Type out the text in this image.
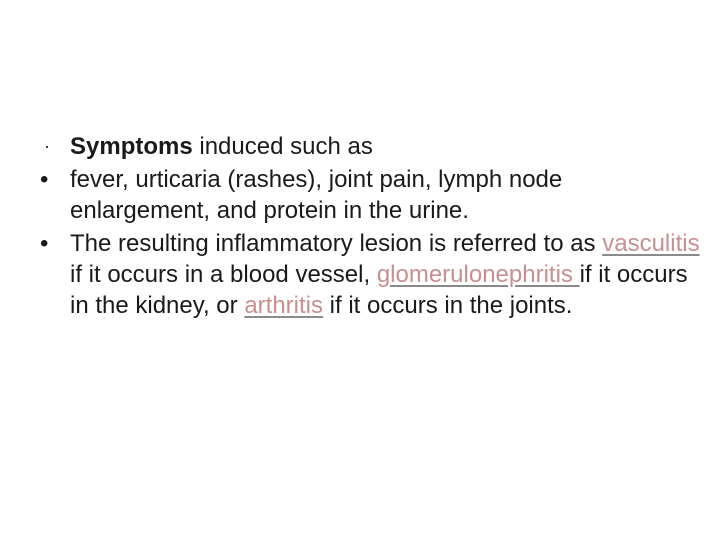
· Symptoms induced such as
• fever, urticaria (rashes), joint pain, lymph node enlargement, and protein in the urine.
• The resulting inflammatory lesion is referred to as vasculitis if it occurs in a blood vessel, glomerulonephritis if it occurs in the kidney, or arthritis if it occurs in the joints.
